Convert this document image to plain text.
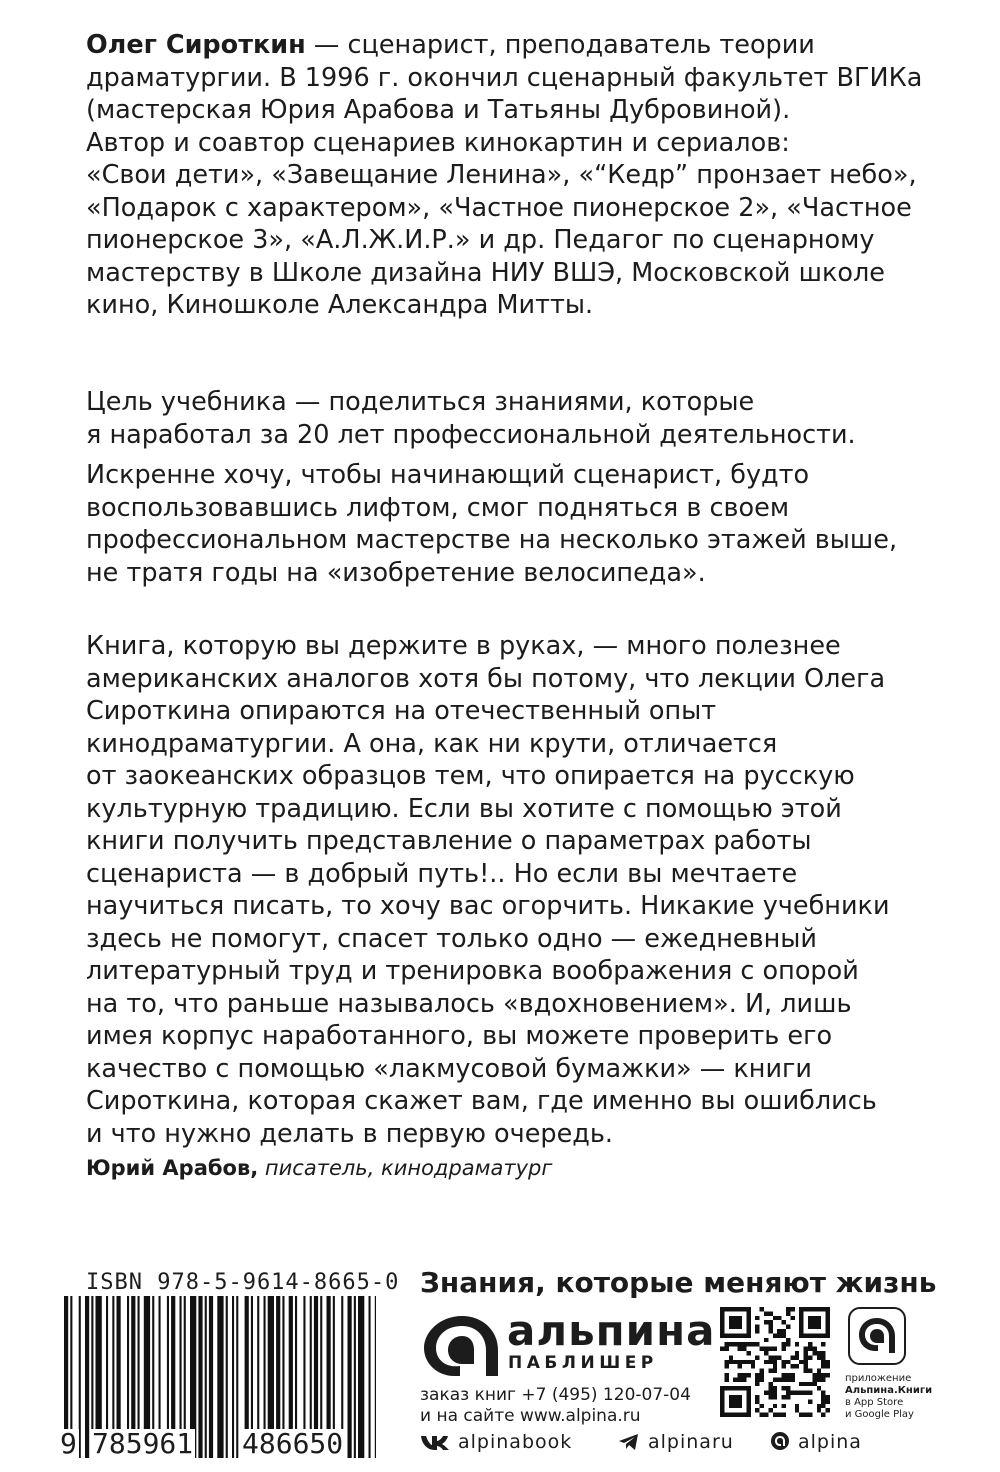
Олег Сироткин — сценарист, преподаватель теории

драматургии. В 1996 г. окончил сценарный факультет ВГИКа

(мастерская Юрия Арабова и Татьяны Дубровиной).

Автор и соавтор сценариев кинокартин и сериалов:

«Свои дети», «Завещание Ленина», «“Кедр” пронзает небо»,

«Подарок с характером», «Частное пионерское 2», «Частное

пионерское 3», «А.Л.Ж.И.Р.» и др. Педагог по сценарному

мастерству в Школе дизайна НИУ ВШЭ, Московской школе

кино, Киношколе Александра Митты.

Цель учебника — поделиться знаниями, которые

я наработал за 20 лет профессиональной деятельности.

Искренне хочу, чтобы начинающий сценарист, будто

воспользовавшись лифтом, смог подняться в своем

профессиональном мастерстве на несколько этажей выше,

не тратя годы на «изобретение велосипеда».

Книга, которую вы держите в руках, — много полезнее

американских аналогов хотя бы потому, что лекции Олега

Сироткина опираются на отечественный опыт

кинодраматургии. А она, как ни крути, отличается

от заокеанских образцов тем, что опирается на русскую

культурную традицию. Если вы хотите с помощью этой

книги получить представление о параметрах работы

сценариста — в добрый путь!.. Но если вы мечтаете

научиться писать, то хочу вас огорчить. Никакие учебники

здесь не помогут, спасет только одно — ежедневный

литературный труд и тренировка воображения с опорой

на то, что раньше называлось «вдохновением». И, лишь

имея корпус наработанного, вы можете проверить его

качество с помощью «лакмусовой бумажки» — книги

Сироткина, которая скажет вам, где именно вы ошиблись

и что нужно делать в первую очередь.

Юрий Арабов, писатель, кинодраматург
ISBN 978-5-9614-8665-0
9 785961 486650
Знания, которые меняют жизнь
альпина
ПАБЛИШЕР
заказ книг +7 (495) 120-07-04
и на сайте www.alpina.ru
приложение
Альпина.Книги
в App Store
и Google Play
alpinabook	alpinaru	alpina
